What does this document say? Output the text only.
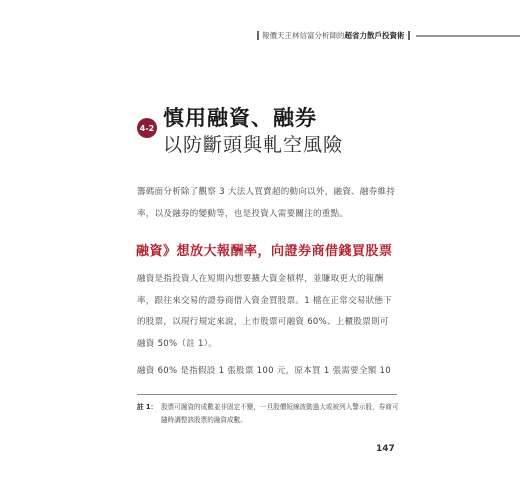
報價天王林信富分析師的超省力散戶投資術
4-2 慎用融資、融券
以防斷頭與軋空風險
籌碼面分析除了觀察 3 大法人買賣超的動向以外，融資、融券維持率，以及融券的變動等，也是投資人需要關注的重點。
融資》想放大報酬率，向證券商借錢買股票
融資是指投資人在短期內想要擴大資金槓桿，並賺取更大的報酬率，跟往來交易的證券商借入資金買股票。1 檔在正常交易狀態下的股票，以現行規定來說，上市股票可融資 60%、上櫃股票則可融資 50%（註 1）。
融資 60% 是指假設 1 張股票 100 元，原本買 1 張需要全額 10
註 1： 股票可融資的成數並非固定不變，一旦股價短線波動過大或被列入警示股，券商可隨時調整該股票的融資成數。
147
